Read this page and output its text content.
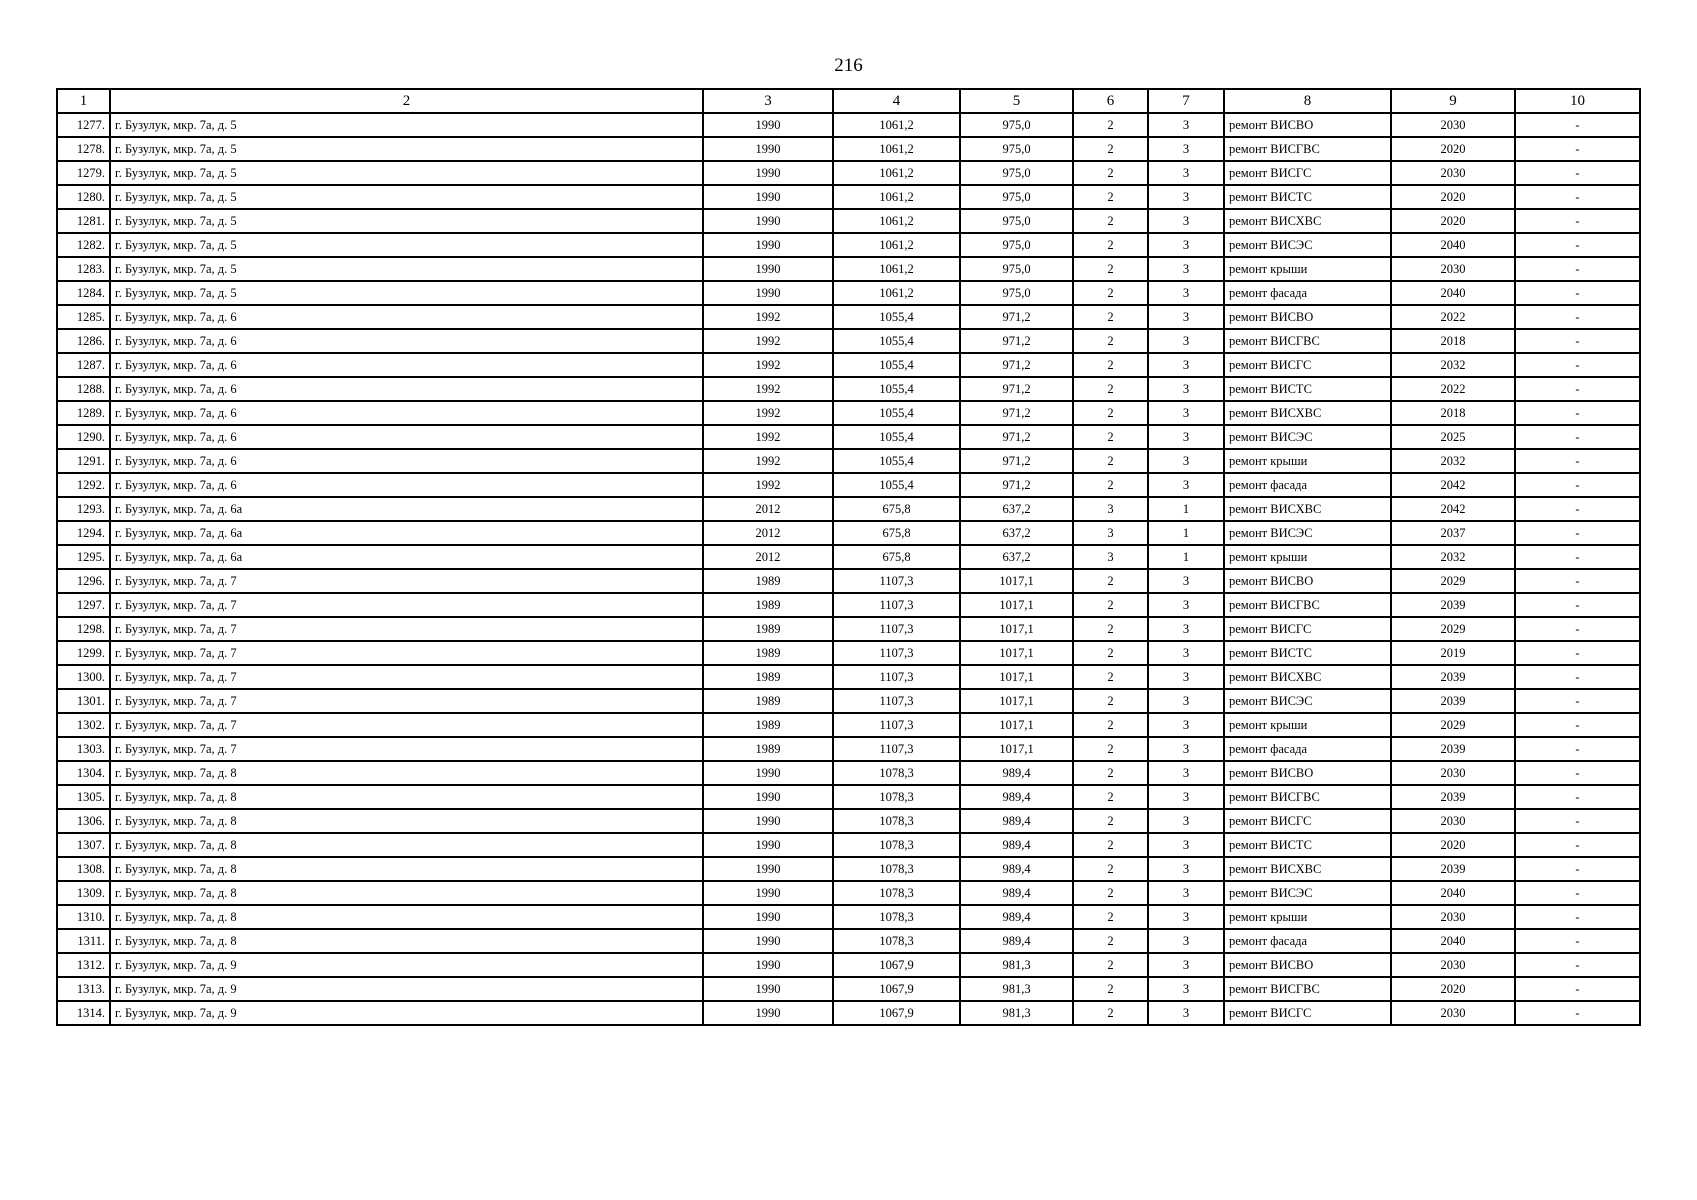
216
1	2	3	4	5	6	7	8	9	10
1277.	г. Бузулук, мкр. 7а, д. 5	1990	1061,2	975,0	2	3	ремонт ВИСВО	2030	-
1278.	г. Бузулук, мкр. 7а, д. 5	1990	1061,2	975,0	2	3	ремонт ВИСГВС	2020	-
1279.	г. Бузулук, мкр. 7а, д. 5	1990	1061,2	975,0	2	3	ремонт ВИСГС	2030	-
1280.	г. Бузулук, мкр. 7а, д. 5	1990	1061,2	975,0	2	3	ремонт ВИСТС	2020	-
1281.	г. Бузулук, мкр. 7а, д. 5	1990	1061,2	975,0	2	3	ремонт ВИСХВС	2020	-
1282.	г. Бузулук, мкр. 7а, д. 5	1990	1061,2	975,0	2	3	ремонт ВИСЭС	2040	-
1283.	г. Бузулук, мкр. 7а, д. 5	1990	1061,2	975,0	2	3	ремонт крыши	2030	-
1284.	г. Бузулук, мкр. 7а, д. 5	1990	1061,2	975,0	2	3	ремонт фасада	2040	-
1285.	г. Бузулук, мкр. 7а, д. 6	1992	1055,4	971,2	2	3	ремонт ВИСВО	2022	-
1286.	г. Бузулук, мкр. 7а, д. 6	1992	1055,4	971,2	2	3	ремонт ВИСГВС	2018	-
1287.	г. Бузулук, мкр. 7а, д. 6	1992	1055,4	971,2	2	3	ремонт ВИСГС	2032	-
1288.	г. Бузулук, мкр. 7а, д. 6	1992	1055,4	971,2	2	3	ремонт ВИСТС	2022	-
1289.	г. Бузулук, мкр. 7а, д. 6	1992	1055,4	971,2	2	3	ремонт ВИСХВС	2018	-
1290.	г. Бузулук, мкр. 7а, д. 6	1992	1055,4	971,2	2	3	ремонт ВИСЭС	2025	-
1291.	г. Бузулук, мкр. 7а, д. 6	1992	1055,4	971,2	2	3	ремонт крыши	2032	-
1292.	г. Бузулук, мкр. 7а, д. 6	1992	1055,4	971,2	2	3	ремонт фасада	2042	-
1293.	г. Бузулук, мкр. 7а, д. 6а	2012	675,8	637,2	3	1	ремонт ВИСХВС	2042	-
1294.	г. Бузулук, мкр. 7а, д. 6а	2012	675,8	637,2	3	1	ремонт ВИСЭС	2037	-
1295.	г. Бузулук, мкр. 7а, д. 6а	2012	675,8	637,2	3	1	ремонт крыши	2032	-
1296.	г. Бузулук, мкр. 7а, д. 7	1989	1107,3	1017,1	2	3	ремонт ВИСВО	2029	-
1297.	г. Бузулук, мкр. 7а, д. 7	1989	1107,3	1017,1	2	3	ремонт ВИСГВС	2039	-
1298.	г. Бузулук, мкр. 7а, д. 7	1989	1107,3	1017,1	2	3	ремонт ВИСГС	2029	-
1299.	г. Бузулук, мкр. 7а, д. 7	1989	1107,3	1017,1	2	3	ремонт ВИСТС	2019	-
1300.	г. Бузулук, мкр. 7а, д. 7	1989	1107,3	1017,1	2	3	ремонт ВИСХВС	2039	-
1301.	г. Бузулук, мкр. 7а, д. 7	1989	1107,3	1017,1	2	3	ремонт ВИСЭС	2039	-
1302.	г. Бузулук, мкр. 7а, д. 7	1989	1107,3	1017,1	2	3	ремонт крыши	2029	-
1303.	г. Бузулук, мкр. 7а, д. 7	1989	1107,3	1017,1	2	3	ремонт фасада	2039	-
1304.	г. Бузулук, мкр. 7а, д. 8	1990	1078,3	989,4	2	3	ремонт ВИСВО	2030	-
1305.	г. Бузулук, мкр. 7а, д. 8	1990	1078,3	989,4	2	3	ремонт ВИСГВС	2039	-
1306.	г. Бузулук, мкр. 7а, д. 8	1990	1078,3	989,4	2	3	ремонт ВИСГС	2030	-
1307.	г. Бузулук, мкр. 7а, д. 8	1990	1078,3	989,4	2	3	ремонт ВИСТС	2020	-
1308.	г. Бузулук, мкр. 7а, д. 8	1990	1078,3	989,4	2	3	ремонт ВИСХВС	2039	-
1309.	г. Бузулук, мкр. 7а, д. 8	1990	1078,3	989,4	2	3	ремонт ВИСЭС	2040	-
1310.	г. Бузулук, мкр. 7а, д. 8	1990	1078,3	989,4	2	3	ремонт крыши	2030	-
1311.	г. Бузулук, мкр. 7а, д. 8	1990	1078,3	989,4	2	3	ремонт фасада	2040	-
1312.	г. Бузулук, мкр. 7а, д. 9	1990	1067,9	981,3	2	3	ремонт ВИСВО	2030	-
1313.	г. Бузулук, мкр. 7а, д. 9	1990	1067,9	981,3	2	3	ремонт ВИСГВС	2020	-
1314.	г. Бузулук, мкр. 7а, д. 9	1990	1067,9	981,3	2	3	ремонт ВИСГС	2030	-
